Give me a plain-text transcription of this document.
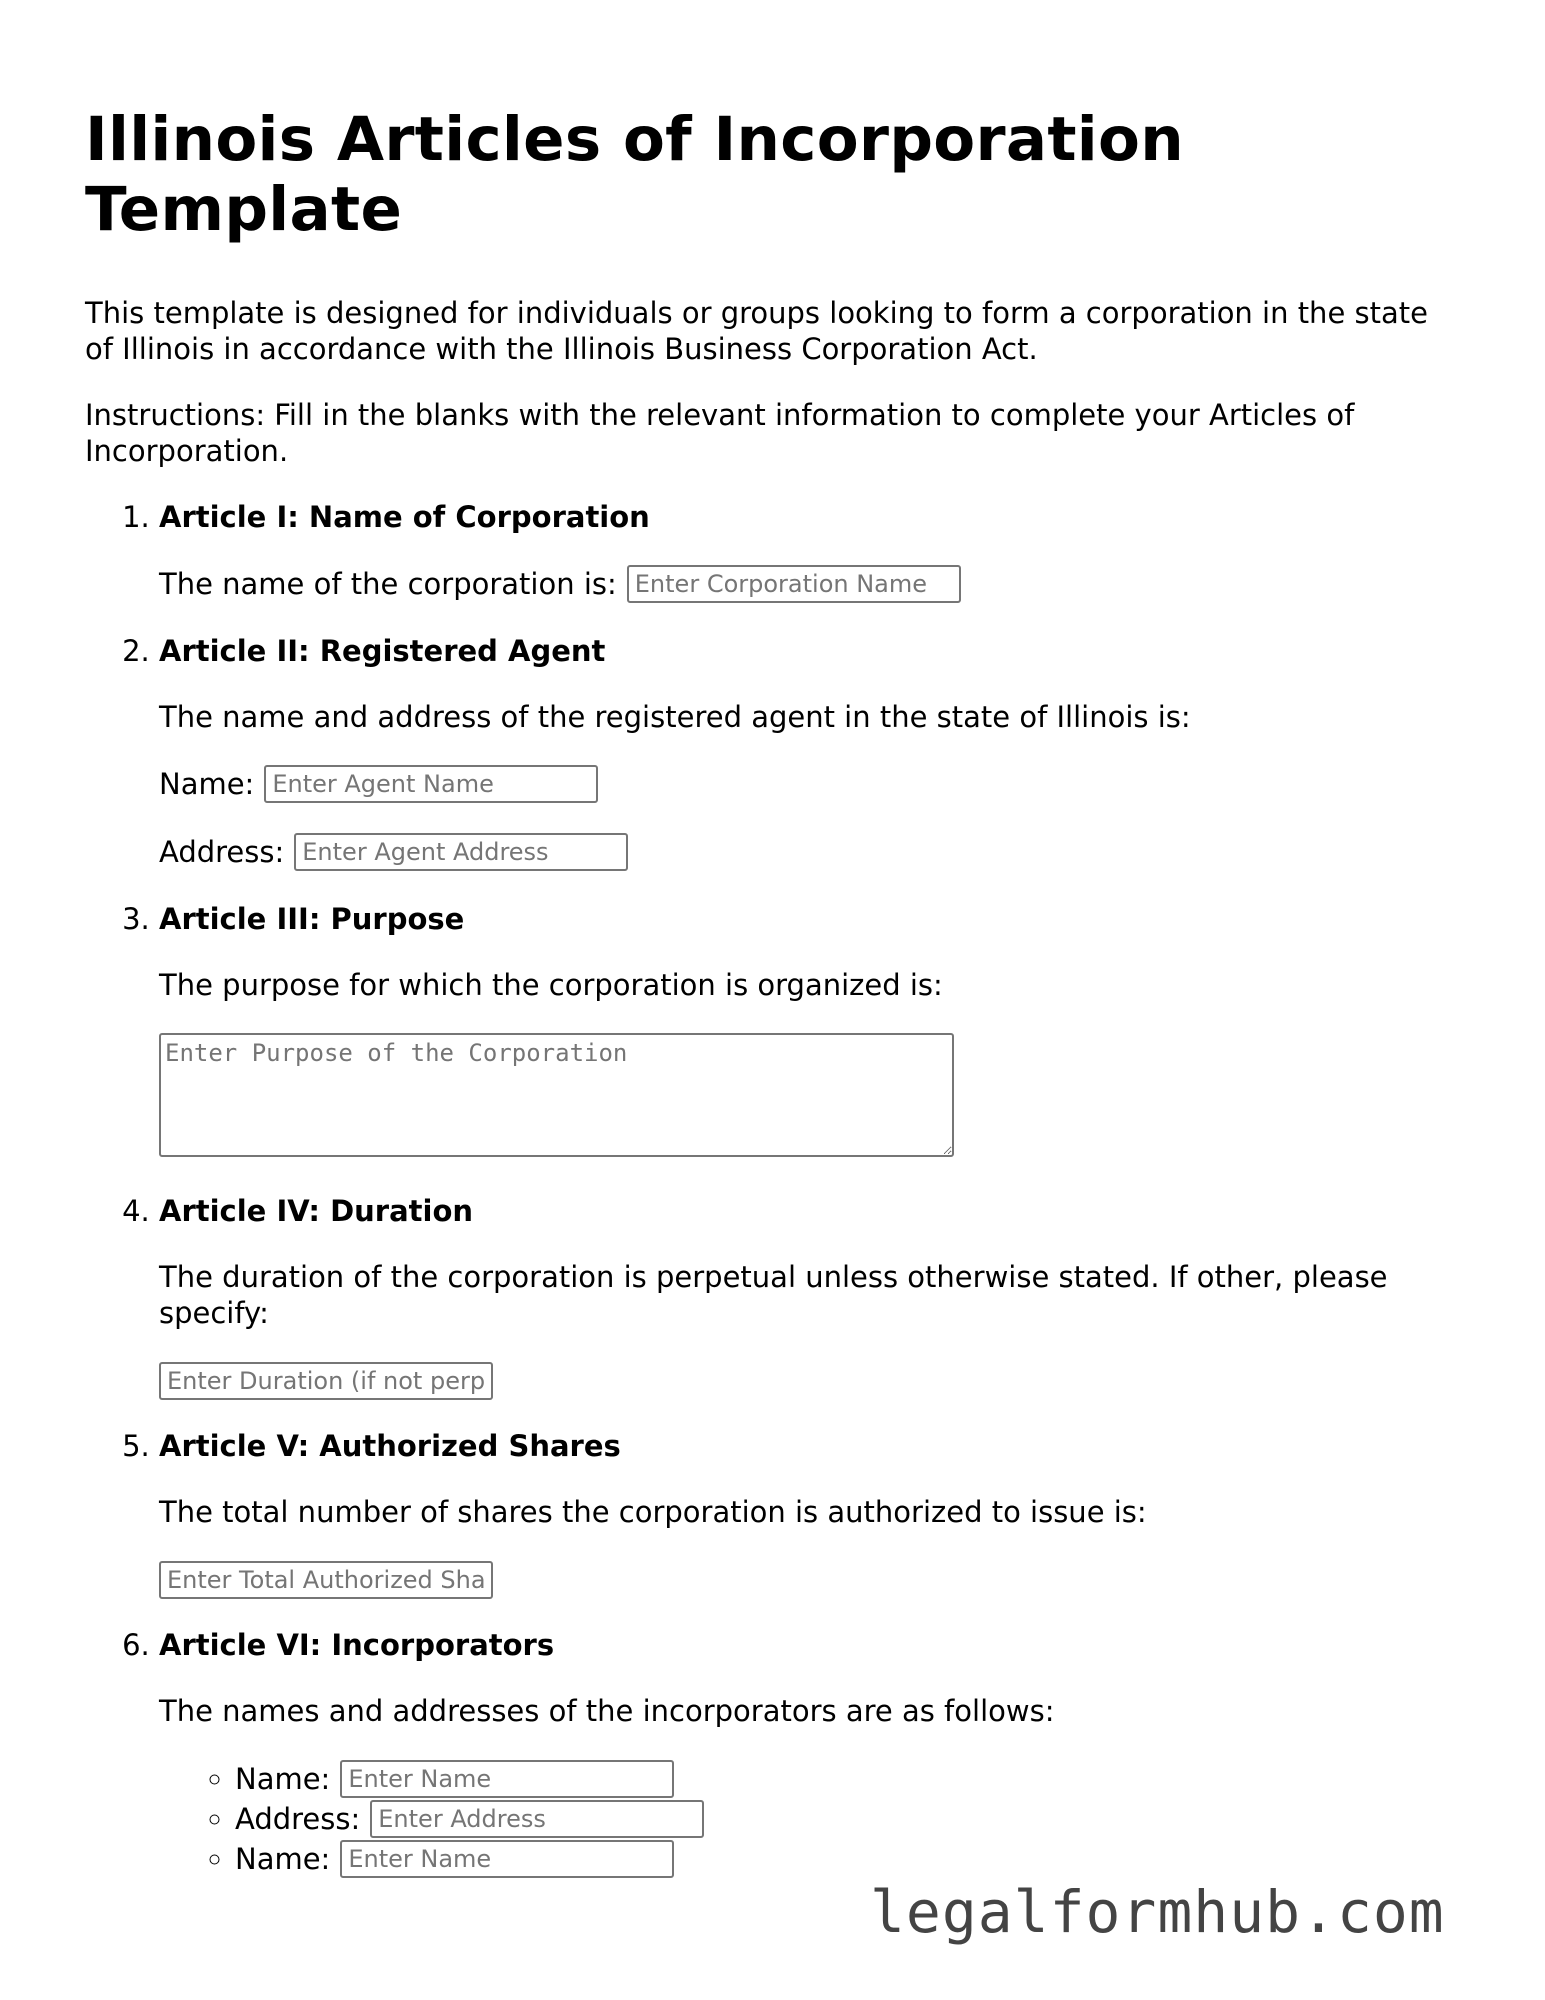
Illinois Articles of Incorporation Template

This template is designed for individuals or groups looking to form a corporation in the state of Illinois in accordance with the Illinois Business Corporation Act.

Instructions: Fill in the blanks with the relevant information to complete your Articles of Incorporation.

1. Article I: Name of Corporation
The name of the corporation is:
Enter Corporation Name
2. Article II: Registered Agent

The name and address of the registered agent in the state of Illinois is:

Name:
Enter Agent Name
Address:
Enter Agent Address
3. Article III: Purpose

The purpose for which the corporation is organized is:

Enter Purpose of the Corporation
4. Article IV: Duration

The duration of the corporation is perpetual unless otherwise stated. If other, please specify:

Enter Duration (if not perpetual)
5. Article V: Authorized Shares

The total number of shares the corporation is authorized to issue is:

Enter Total Authorized Shares
6. Article VI: Incorporators

The names and addresses of the incorporators are as follows:

◦ Name:
Enter Name
◦ Address:
Enter Address
◦ Name:
Enter Name
legalformhub.com
